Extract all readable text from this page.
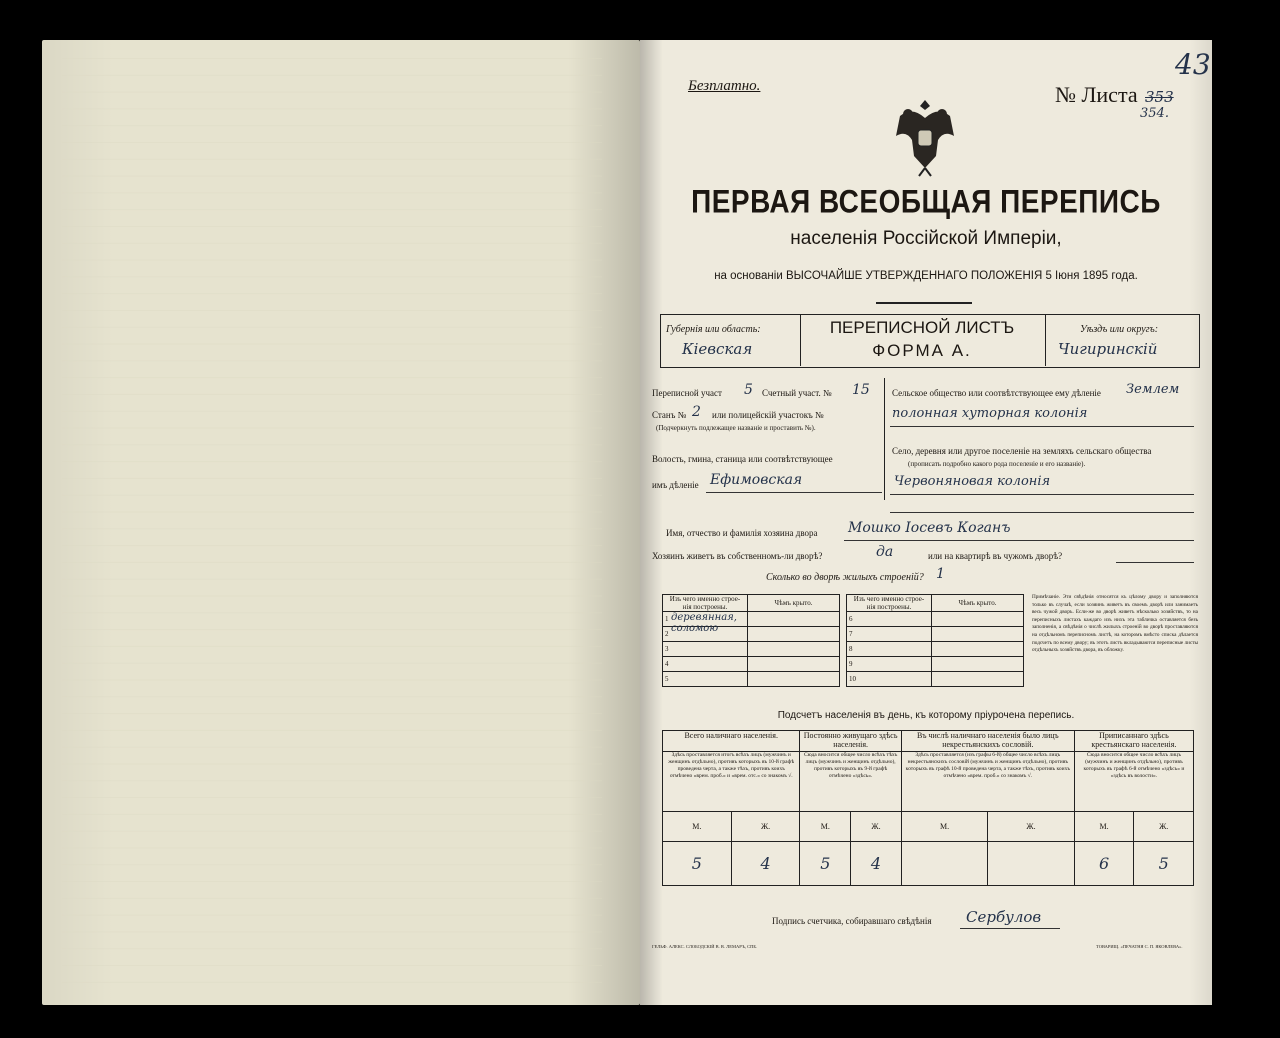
Безплатно.	№ Листа 353
354.
43
ПЕРВАЯ ВСЕОБЩАЯ ПЕРЕПИСЬ
населенія Россійской Имперіи,
на основаніи ВЫСОЧАЙШЕ УТВЕРЖДЕННАГО ПОЛОЖЕНІЯ 5 Іюня 1895 года.
Губернія или область:
Кіевская
ПЕРЕПИСНОЙ ЛИСТЪ
ФОРМА А.
Уѣздъ или округъ:
Чигиринскій
Переписной участ 5 Счетный участ. № 15
Станъ № 2 или полицейскій участокъ №
(Подчеркнуть подлежащее названіе и проставить №).
Волость, гмина, станица или соотвѣтствующее
имъ дѣленіе Ефимовская
Сельское общество или соотвѣтствующее ему дѣленіе Землем
полонная хуторная колонія
Село, деревня или другое поселеніе на земляхъ сельскаго общества
(прописать подробно какого рода поселеніе и его названіе).
Червоняновая колонія
Имя, отчество и фамилія хозяина двора Мошко Іосевъ Коганъ
Хозяинъ живетъ въ собственномъ-ли дворѣ?	да	или на квартирѣ въ чужомъ дворѣ?
Сколько во дворѣ жилыхъ строеній? 1
Изъ чего именно строе- нія построены.	Чѣмъ крыто.
1 деревянная, соломою	

2	
3	
4	
5	
Изъ чего именно строе- нія построены.	Чѣмъ крыто.
6	
7	
8	
9	
10	
Примѣчаніе. Эти свѣдѣнія относятся къ цѣлому двору и заполняются только въ случаѣ, если хозяинъ живетъ въ своемъ дворѣ или занимаетъ весь чужой дворъ. Если-же во дворѣ живетъ нѣсколько хозяйствъ, то на переписныхъ листахъ каждаго изъ нихъ эта табличка оставляется безъ заполненія, а свѣдѣнія о числѣ жилыхъ строеній во дворѣ проставляются на отдѣльномъ переписномъ листѣ, на которомъ вмѣсто списка дѣлается подсчетъ по всему двору; въ этотъ листъ вкладываются переписные листы отдѣльныхъ хозяйствъ двора, въ обложку.
Подсчетъ населенія въ день, къ которому пріурочена перепись.
Всего наличнаго населенія.		Постоянно живущаго здѣсь населенія.		Въ числѣ наличнаго населенія было лицъ некрестьянскихъ сословій.		Приписаннаго здѣсь крестьянскаго населенія.	
Здѣсь проставляется итогъ всѣхъ лицъ (мужчинъ и женщинъ отдѣльно), противъ которыхъ въ 10-й графѣ проведена черта, а также тѣхъ, противъ коихъ отмѣчено «врем. проб.» и «врем. отс.» со знакомъ √.		Сюда вносится общее число всѣхъ тѣхъ лицъ (мужчинъ и женщинъ отдѣльно), противъ которыхъ въ 9-й графѣ отмѣчено «здѣсь».		Здѣсь проставляется (изъ графы 6-й) общее число всѣхъ лицъ некрестьянскихъ сословій (мужчинъ и женщинъ отдѣльно), противъ которыхъ въ графѣ 10-й проведена черта, а также тѣхъ, противъ коихъ отмѣчено «врем. проб.» со знакомъ √.		Сюда вносится общее число всѣхъ лицъ (мужчинъ и женщинъ отдѣльно), противъ которыхъ въ графѣ 6-й отмѣчено «здѣсь» и «здѣсь въ волости».	
М.	Ж.	М.	Ж.	М.	Ж.	М.	Ж.
5	4	5	4			6	5
Подпись счетчика, собиравшаго свѣдѣнія Сербулов
ГЕЛЬФ. АЛЕКС. СЛОБОДСКІЙ В. В. ЛЕМАРЪ, СПБ.	ТОВАРИЩ. «ПЕЧАТНЯ С. П. ЯКОВЛЕВА».
